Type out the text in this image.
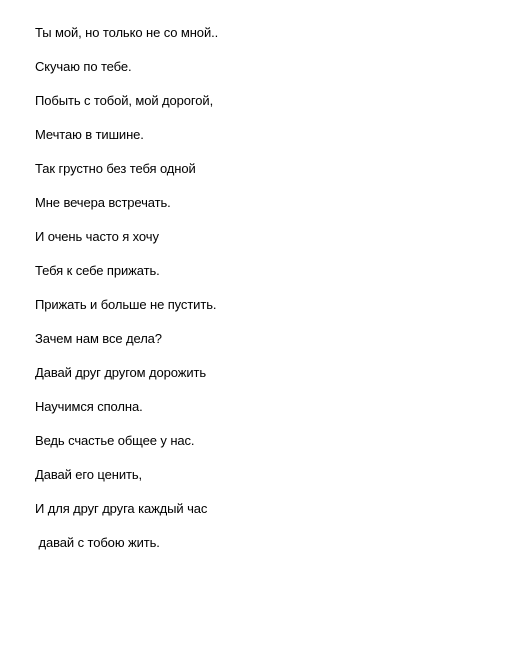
Ты мой, но только не со мной..
Скучаю по тебе.
Побыть с тобой, мой дорогой,
Мечтаю в тишине.
Так грустно без тебя одной
Мне вечера встречать.
И очень часто я хочу
Тебя к себе прижать.
Прижать и больше не пустить.
Зачем нам все дела?
Давай друг другом дорожить
Научимся сполна.
Ведь счастье общее у нас.
Давай его ценить,
И для друг друга каждый час
давай с тобою жить.
